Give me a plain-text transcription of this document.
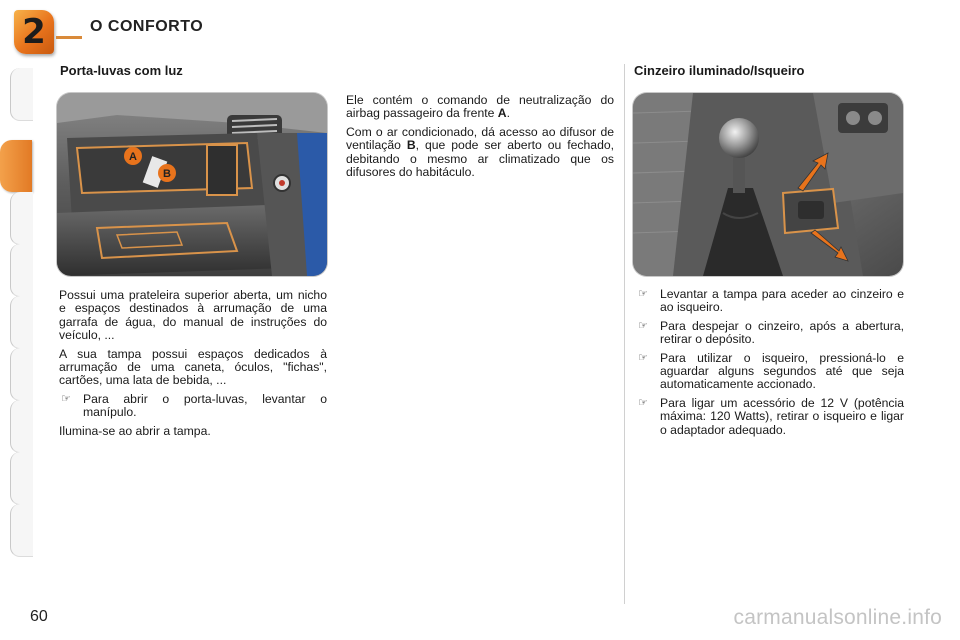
2	O CONFORTO
Porta-luvas com luz
A
B

Possui uma prateleira superior aberta, um nicho e espaços destinados à arrumação de uma garrafa de água, do manual de instruções do veículo, ...

A sua tampa possui espaços dedicados à arrumação de uma caneta, óculos, "fichas", cartões, uma lata de bebida, ...

☞ Para abrir o porta-luvas, levantar o manípulo.

Ilumina-se ao abrir a tampa.

Ele contém o comando de neutralização do airbag passageiro da frente A.

Com o ar condicionado, dá acesso ao difusor de ventilação B, que pode ser aberto ou fechado, debitando o mesmo ar climatizado que os difusores do habitáculo.

Cinzeiro iluminado/Isqueiro
☞ Levantar a tampa para aceder ao cinzeiro e ao isqueiro.
☞ Para despejar o cinzeiro, após a abertura, retirar o depósito.
☞ Para utilizar o isqueiro, pressioná-lo e aguardar alguns segundos até que seja automaticamente accionado.
☞ Para ligar um acessório de 12 V (potência máxima: 120 Watts), retirar o isqueiro e ligar o adaptador adequado.
60	carmanualsonline.info
